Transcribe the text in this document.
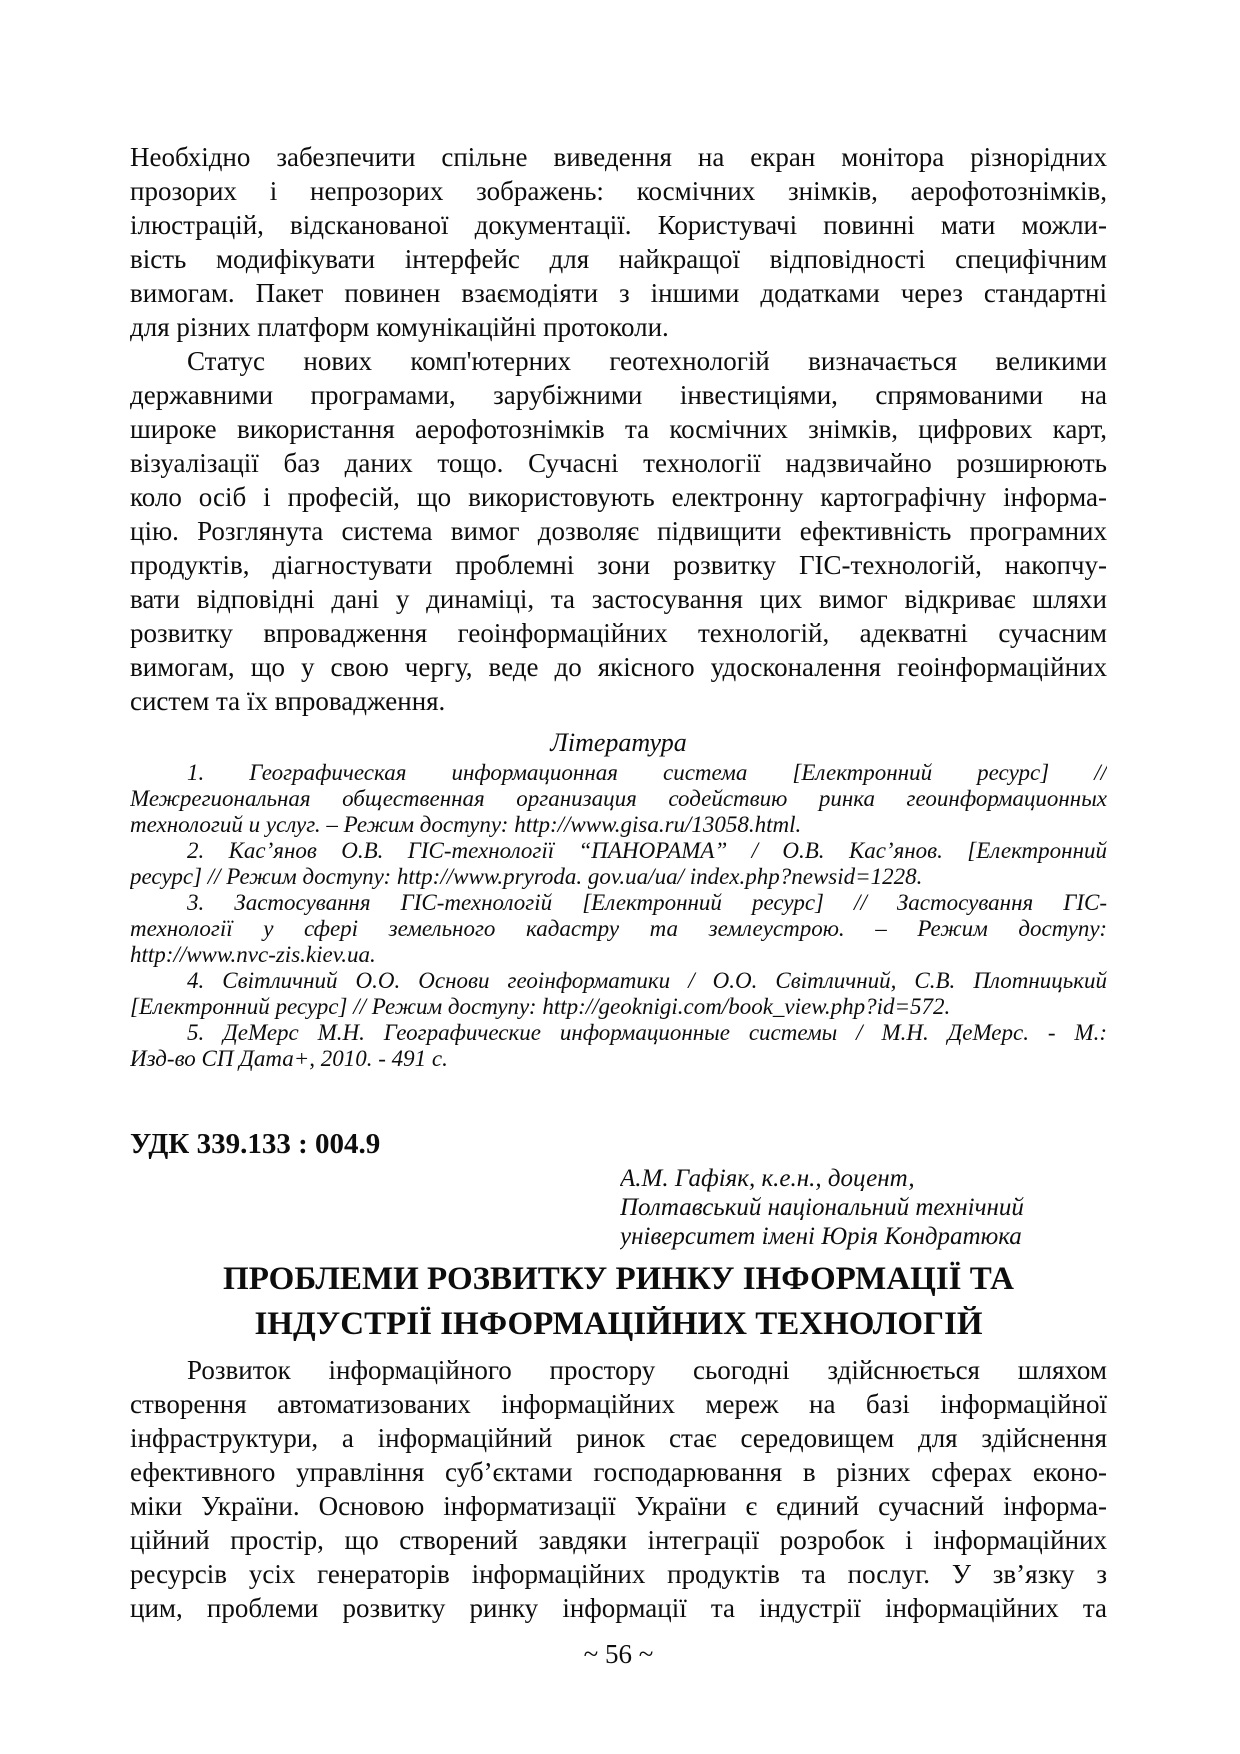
Необхідно забезпечити спільне виведення на екран монітора різнорідних
прозорих і непрозорих зображень: космічних знімків, аерофотознімків,
ілюстрацій, відсканованої документації. Користувачі повинні мати можли-
вість модифікувати інтерфейс для найкращої відповідності специфічним
вимогам. Пакет повинен взаємодіяти з іншими додатками через стандартні
для різних платформ комунікаційні протоколи.
Статус нових комп'ютерних геотехнологій визначається великими
державними програмами, зарубіжними інвестиціями, спрямованими на
широке використання аерофотознімків та космічних знімків, цифрових карт,
візуалізації баз даних тощо. Сучасні технології надзвичайно розширюють
коло осіб і професій, що використовують електронну картографічну інформа-
цію. Розглянута система вимог дозволяє підвищити ефективність програмних
продуктів, діагностувати проблемні зони розвитку ГІС-технологій, накопчу-
вати відповідні дані у динаміці, та застосування цих вимог відкриває шляхи
розвитку впровадження геоінформаційних технологій, адекватні сучасним
вимогам, що у свою чергу, веде до якісного удосконалення геоінформаційних
систем та їх впровадження.
Література
1. Географическая информационная система [Електронний ресурс] //
Межрегиональная общественная организация содействию ринка геоинформационных
технологий и услуг. – Режим доступу: http://www.gisa.ru/13058.html.
2. Кас’янов О.В. ГІС-технології “ПАНОРАМА” / О.В. Кас’янов. [Електронний
ресурс] // Режим доступу: http://www.pryroda. gov.ua/ua/ index.php?newsid=1228.
3. Застосування ГІС-технологій [Електронний ресурс] // Застосування ГІС-
технології у сфері земельного кадастру та землеустрою. – Режим доступу:
http://www.nvc-zis.kiev.ua.
4. Світличний О.О. Основи геоінформатики / О.О. Світличний, С.В. Плотницький
[Електронний ресурс] // Режим доступу: http://geoknigi.com/book_view.php?id=572.
5. ДеМерс М.Н. Географические информационные системы / М.Н. ДеМерс. - М.:
Изд-во СП Дата+, 2010. - 491 с.
УДК 339.133 : 004.9
А.М. Гафіяк, к.е.н., доцент,
Полтавський національний технічний
університет імені Юрія Кондратюка
ПРОБЛЕМИ РОЗВИТКУ РИНКУ ІНФОРМАЦІЇ ТА
ІНДУСТРІЇ ІНФОРМАЦІЙНИХ ТЕХНОЛОГІЙ
Розвиток інформаційного простору сьогодні здійснюється шляхом
створення автоматизованих інформаційних мереж на базі інформаційної
інфраструктури, а інформаційний ринок стає середовищем для здійснення
ефективного управління суб’єктами господарювання в різних сферах еконо-
міки України. Основою інформатизації України є єдиний сучасний інформа-
ційний простір, що створений завдяки інтеграції розробок і інформаційних
ресурсів усіх генераторів інформаційних продуктів та послуг. У зв’язку з
цим, проблеми розвитку ринку інформації та індустрії інформаційних та
~ 56 ~
